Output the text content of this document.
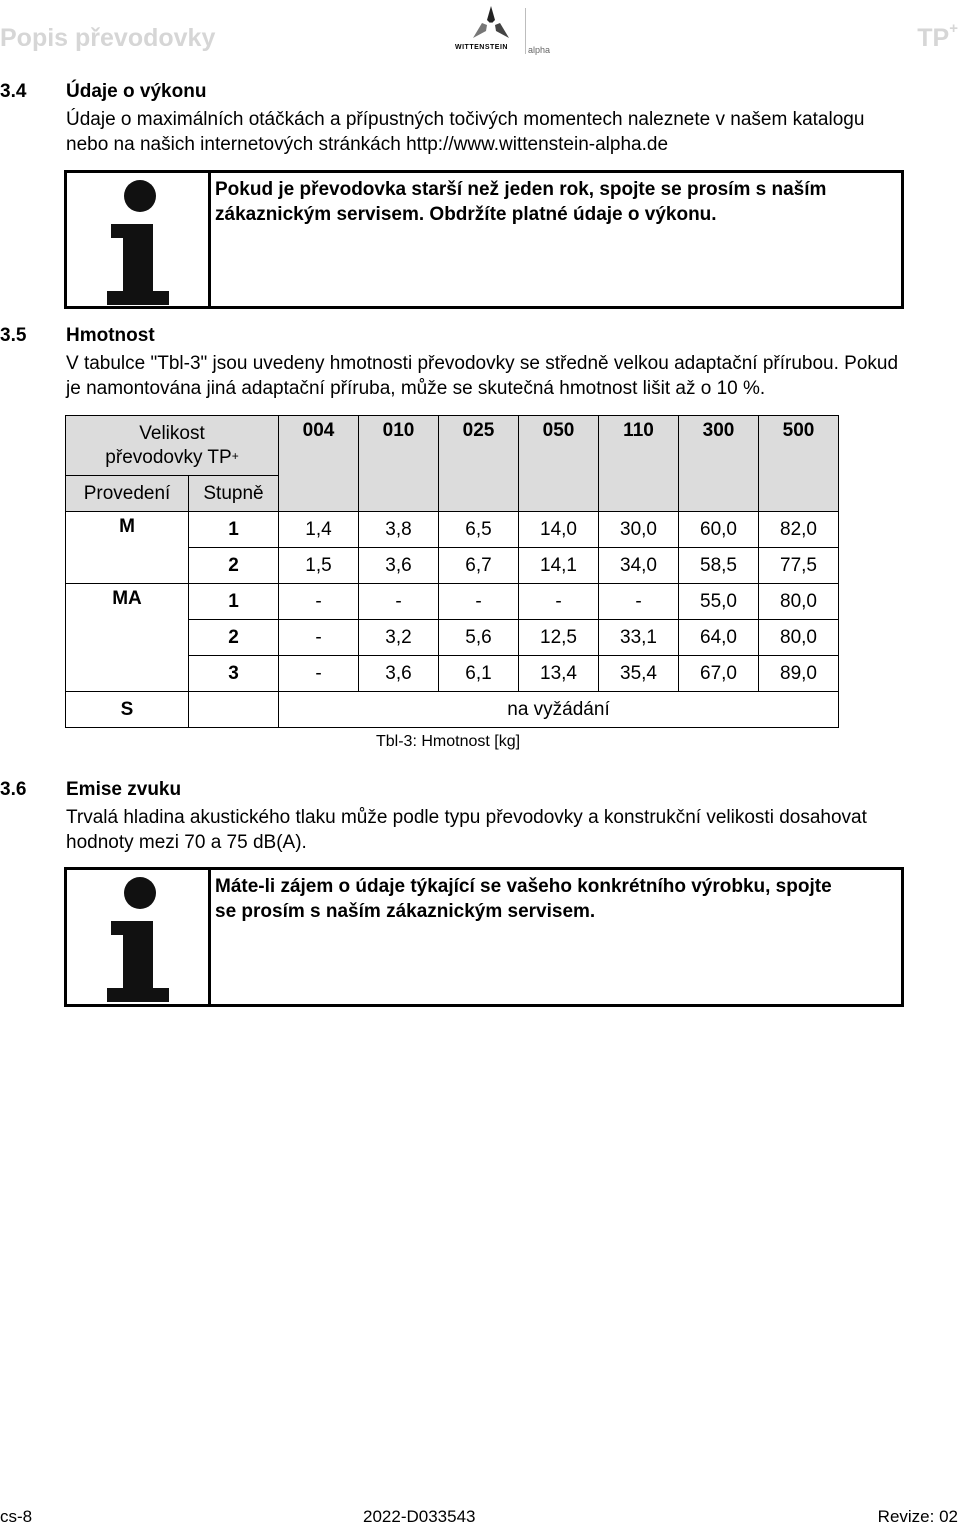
Popis převodovky	WITTENSTEIN alpha	TP+
3.4 Údaje o výkonu
Údaje o maximálních otáčkách a přípustných točivých momentech naleznete v našem katalogu
nebo na našich internetových stránkách http://www.wittenstein-alpha.de
Pokud je převodovka starší než jeden rok, spojte se prosím s naším
zákaznickým servisem. Obdržíte platné údaje o výkonu.
3.5 Hmotnost
V tabulce "Tbl-3" jsou uvedeny hmotnosti převodovky se středně velkou adaptační přírubou. Pokud
je namontována jiná adaptační příruba, může se skutečná hmotnost lišit až o 10 %.
Velikost
převodovky TP+		004	010	025	050	110	300	500
Provedení	Stupně							
M	1	1,4	3,8	6,5	14,0	30,0	60,0	82,0
	2	1,5	3,6	6,7	14,1	34,0	58,5	77,5
MA	1	-	-	-	-	-	55,0	80,0
	2	-	3,2	5,6	12,5	33,1	64,0	80,0
	3	-	3,6	6,1	13,4	35,4	67,0	89,0
S		na vyžádání						
Tbl-3: Hmotnost [kg]
3.6 Emise zvuku
Trvalá hladina akustického tlaku může podle typu převodovky a konstrukční velikosti dosahovat
hodnoty mezi 70 a 75 dB(A).
Máte-li zájem o údaje týkající se vašeho konkrétního výrobku, spojte
se prosím s naším zákaznickým servisem.
cs-8	2022-D033543	Revize: 02
